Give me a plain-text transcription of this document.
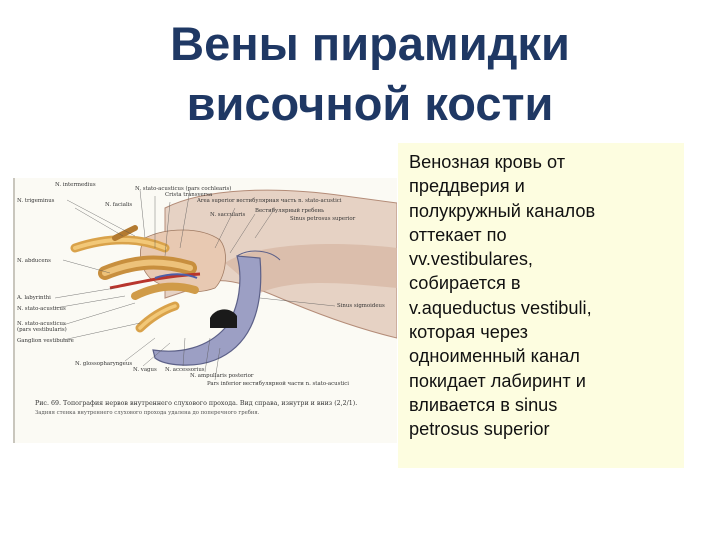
Вены пирамидки
височной кости
N. intermedius
N. stato-acusticus (pars cochlearis)
Crista transversa
N. trigeminus
N. facialis
Area superior вестибулярная часть n. stato-acustici
N. saccularis
Вестибулярный гребень
Sinus petrosus superior
N. abducens
A. labyrinthi
N. stato-acusticus
N. stato-acusticus (pars vestibularis)
Ganglion vestibulare
Sinus sigmoideus
N. glossopharyngeus
N. vagus N. accessorius
N. ampullaris posterior
Pars inferior вестибулярной части n. stato-acustici
Рис. 69. Топография нервов внутреннего слухового прохода. Вид справа, изнутри и вниз (2,2/1).
Задняя стенка внутреннего слухового прохода удалена до поперечного гребня.
Венозная кровь от
преддверия и
полукружный каналов
оттекает по
vv.vestibulares,
собирается в
v.aqueductus vestibuli,
которая через
одноименный канал
покидает лабиринт и
вливается в sinus
petrosus superior
